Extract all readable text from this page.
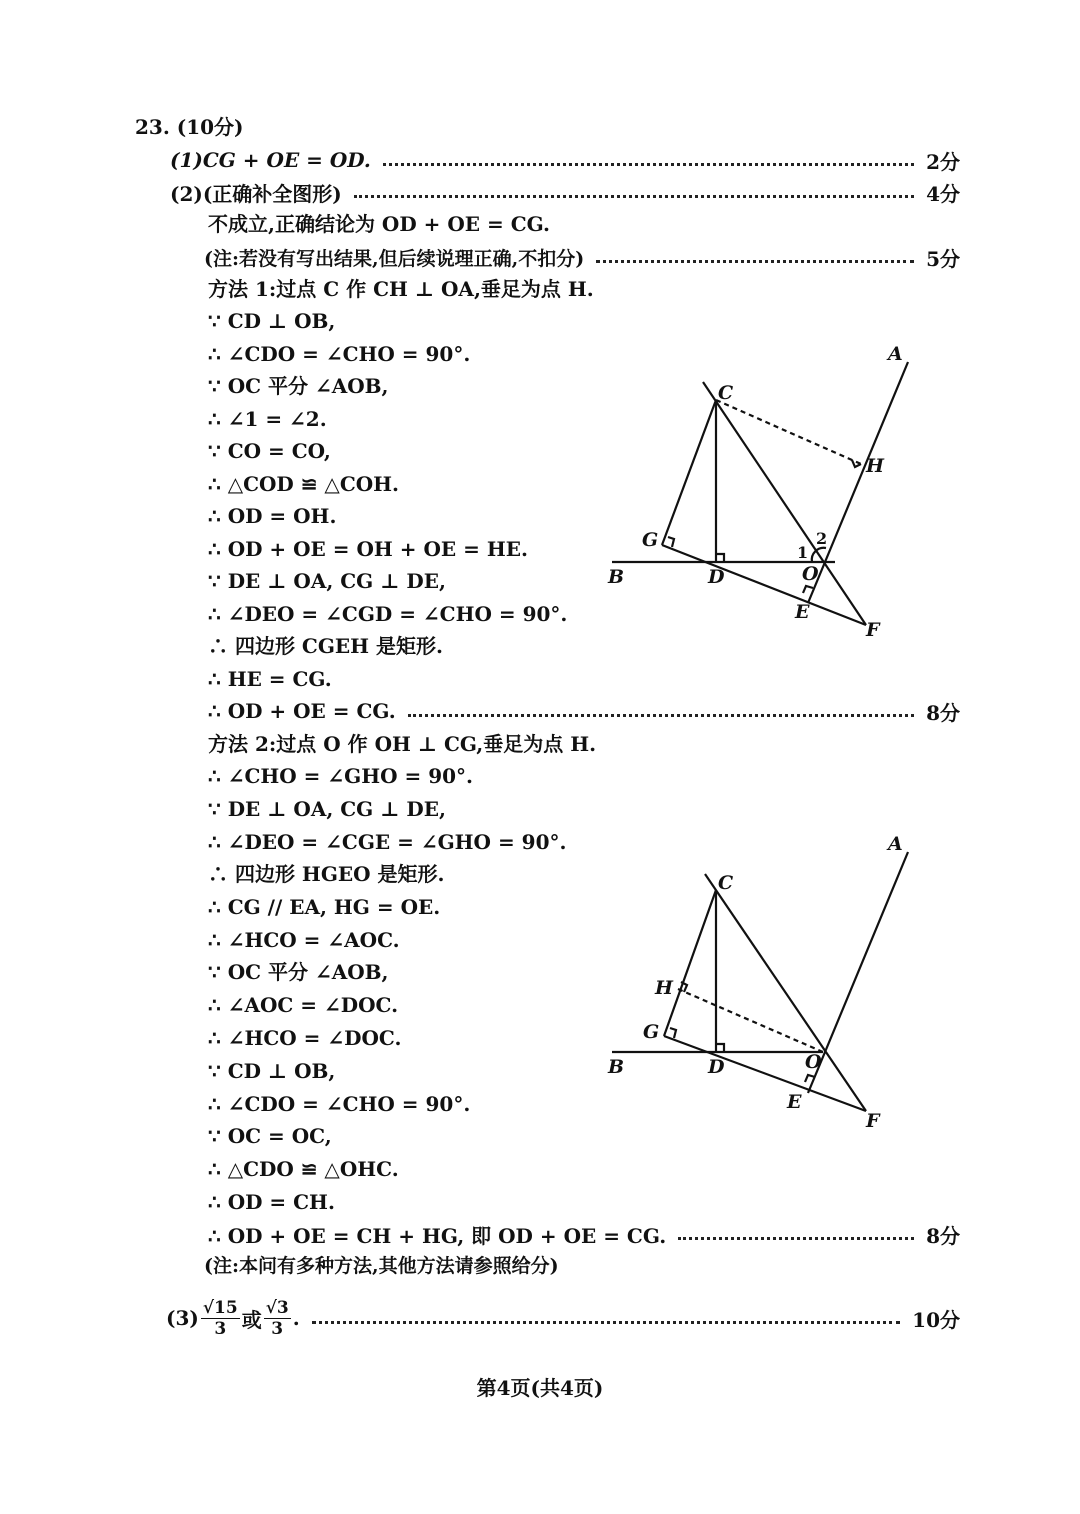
23. (10分)
(1)CG + OE = OD.	2分
(2)(正确补全图形)	4分
不成立,正确结论为 OD + OE = CG.
(注:若没有写出结果,但后续说理正确,不扣分)	5分
方法 1:过点 C 作 CH ⊥ OA,垂足为点 H.
∵ CD ⊥ OB,
∴ ∠CDO = ∠CHO = 90°.
∵ OC 平分 ∠AOB,
∴ ∠1 = ∠2.
∵ CO = CO,
∴ △COD ≌ △COH.
∴ OD = OH.
∴ OD + OE = OH + OE = HE.
∵ DE ⊥ OA, CG ⊥ DE,
∴ ∠DEO = ∠CGD = ∠CHO = 90°.
∴ 四边形 CGEH 是矩形.
∴ HE = CG.
∴ OD + OE = CG.	8分
方法 2:过点 O 作 OH ⊥ CG,垂足为点 H.
∴ ∠CHO = ∠GHO = 90°.
∵ DE ⊥ OA, CG ⊥ DE,
∴ ∠DEO = ∠CGE = ∠GHO = 90°.
∴ 四边形 HGEO 是矩形.
∴ CG // EA, HG = OE.
∴ ∠HCO = ∠AOC.
∵ OC 平分 ∠AOB,
∴ ∠AOC = ∠DOC.
∴ ∠HCO = ∠DOC.
∵ CD ⊥ OB,
∴ ∠CDO = ∠CHO = 90°.
∵ OC = OC,
∴ △CDO ≌ △OHC.
∴ OD = CH.
∴ OD + OE = CH + HG, 即 OD + OE = CG.	8分
(注:本问有多种方法,其他方法请参照给分)
$(3) \frac{√15}{3}$ 或 $\frac{√3}{3}$ .	10分
A
C
H
G
1
2
B	D	O
E
F
A
C
H
G
B	D	O
E
F
第4页(共4页)
